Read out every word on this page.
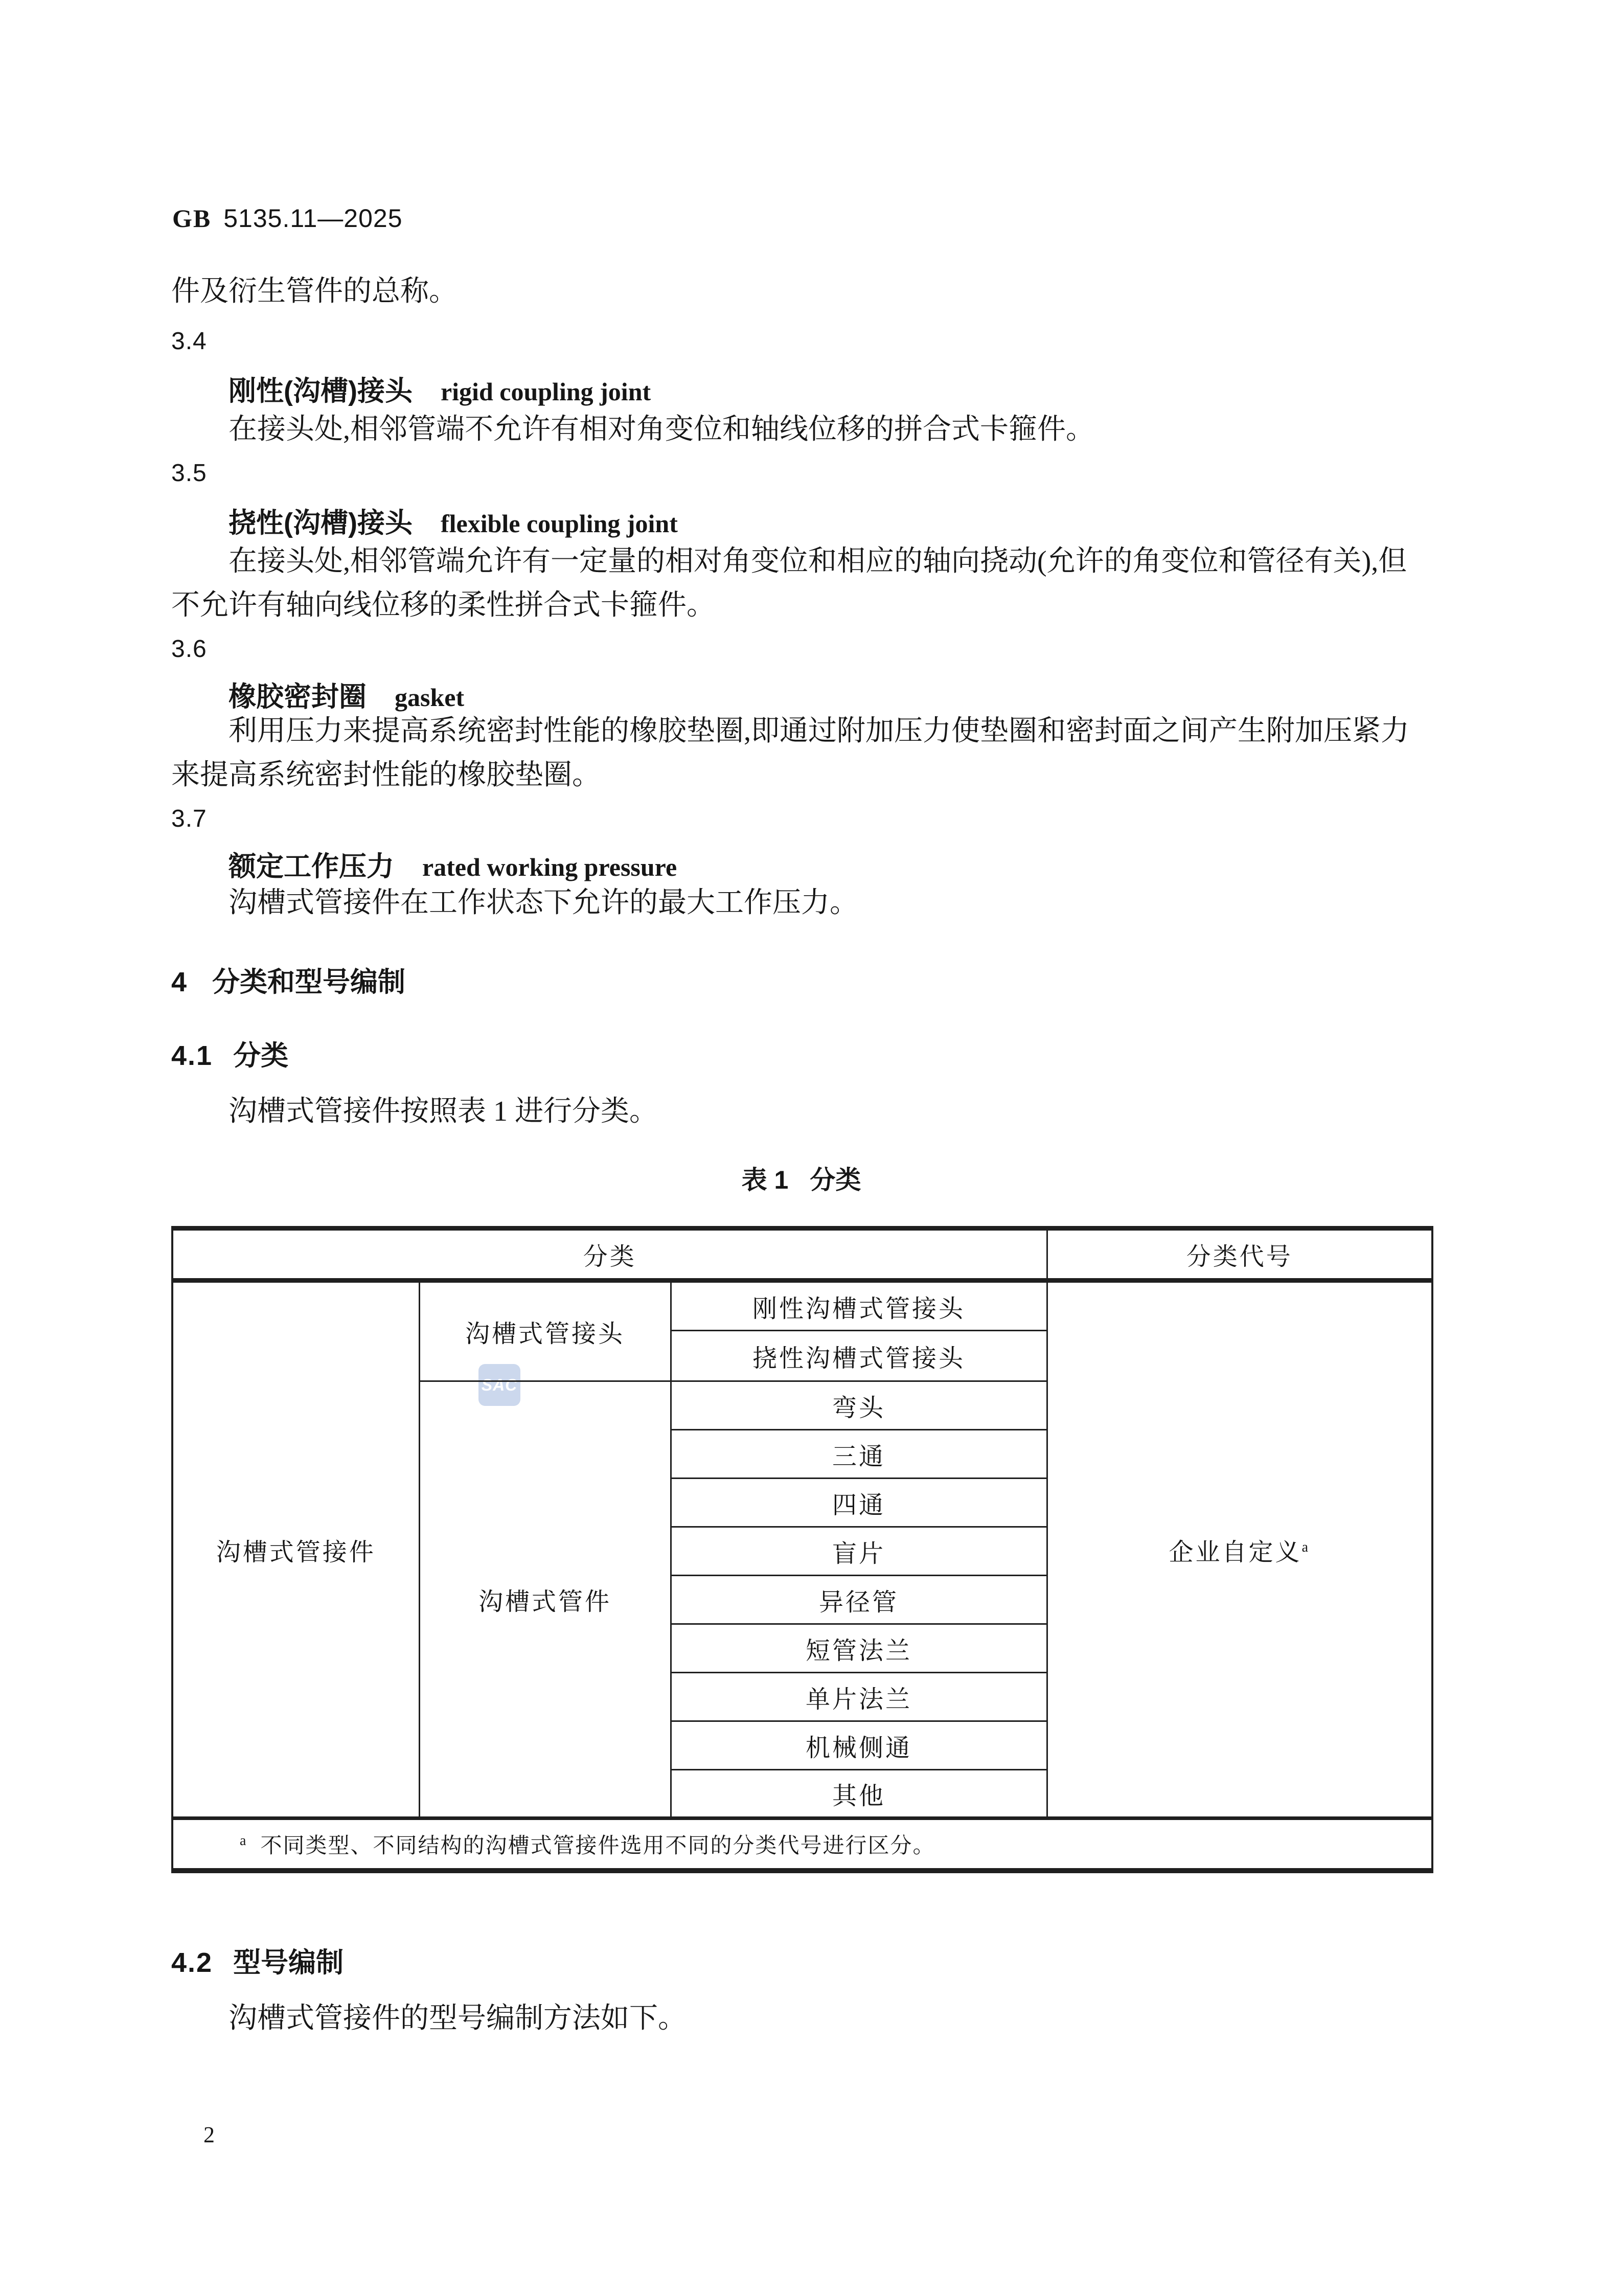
GB 5135.11—2025
件及衍生管件的总称。
3.4
刚性(沟槽)接头 rigid coupling joint
在接头处,相邻管端不允许有相对角变位和轴线位移的拼合式卡箍件。
3.5
挠性(沟槽)接头 flexible coupling joint
在接头处,相邻管端允许有一定量的相对角变位和相应的轴向挠动(允许的角变位和管径有关),但
不允许有轴向线位移的柔性拼合式卡箍件。
3.6
橡胶密封圈 gasket
利用压力来提高系统密封性能的橡胶垫圈,即通过附加压力使垫圈和密封面之间产生附加压紧力
来提高系统密封性能的橡胶垫圈。
3.7
额定工作压力 rated working pressure
沟槽式管接件在工作状态下允许的最大工作压力。
4 分类和型号编制
4.1 分类
沟槽式管接件按照表 1 进行分类。
表 1 分类
SAC
分类			分类代号
沟槽式管接件	沟槽式管接头	刚性沟槽式管接头	企业自定义$^a$
		挠性沟槽式管接头	
	沟槽式管件	弯头	
		三通	
		四通	
		盲片	
		异径管	
		短管法兰	
		单片法兰	
		机械侧通	
		其他	
$^a$ 不同类型、不同结构的沟槽式管接件选用不同的分类代号进行区分。			
4.2 型号编制
沟槽式管接件的型号编制方法如下。
2
